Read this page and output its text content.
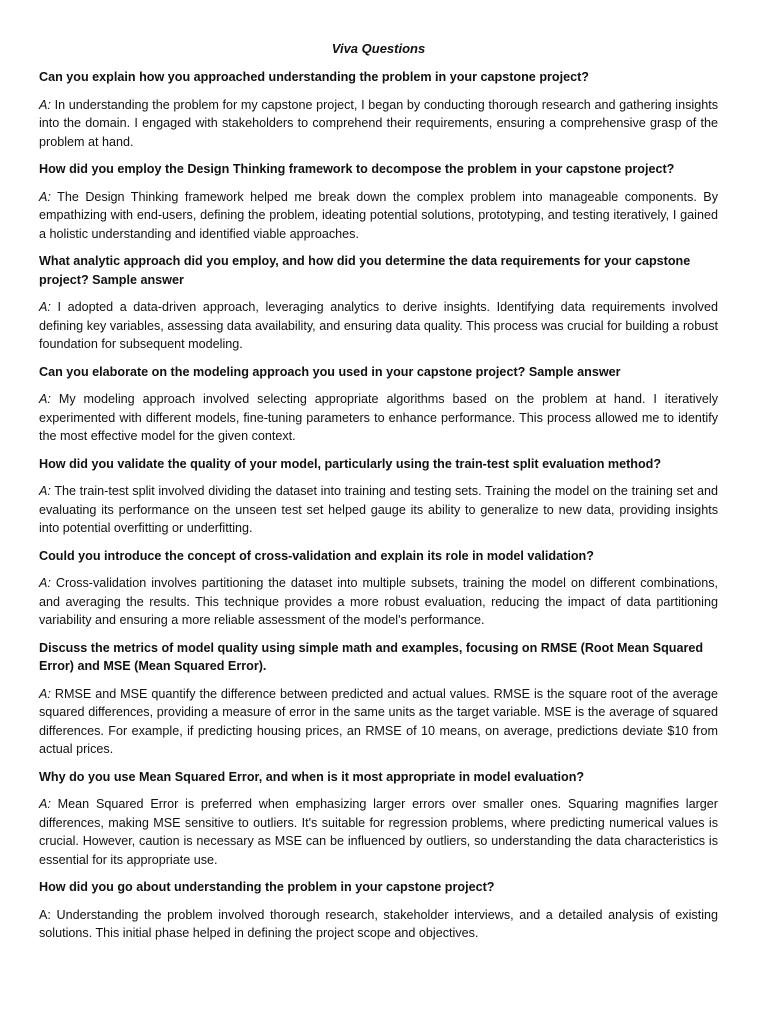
Viva Questions

Can you explain how you approached understanding the problem in your capstone project?

A: In understanding the problem for my capstone project, I began by conducting thorough research and gathering insights into the domain. I engaged with stakeholders to comprehend their requirements, ensuring a comprehensive grasp of the problem at hand.

How did you employ the Design Thinking framework to decompose the problem in your capstone project?

A: The Design Thinking framework helped me break down the complex problem into manageable components. By empathizing with end-users, defining the problem, ideating potential solutions, prototyping, and testing iteratively, I gained a holistic understanding and identified viable approaches.

What analytic approach did you employ, and how did you determine the data requirements for your capstone project? Sample answer

A: I adopted a data-driven approach, leveraging analytics to derive insights. Identifying data requirements involved defining key variables, assessing data availability, and ensuring data quality. This process was crucial for building a robust foundation for subsequent modeling.

Can you elaborate on the modeling approach you used in your capstone project? Sample answer

A: My modeling approach involved selecting appropriate algorithms based on the problem at hand. I iteratively experimented with different models, fine-tuning parameters to enhance performance. This process allowed me to identify the most effective model for the given context.

How did you validate the quality of your model, particularly using the train-test split evaluation method?

A: The train-test split involved dividing the dataset into training and testing sets. Training the model on the training set and evaluating its performance on the unseen test set helped gauge its ability to generalize to new data, providing insights into potential overfitting or underfitting.

Could you introduce the concept of cross-validation and explain its role in model validation?

A: Cross-validation involves partitioning the dataset into multiple subsets, training the model on different combinations, and averaging the results. This technique provides a more robust evaluation, reducing the impact of data partitioning variability and ensuring a more reliable assessment of the model's performance.

Discuss the metrics of model quality using simple math and examples, focusing on RMSE (Root Mean Squared Error) and MSE (Mean Squared Error).

A: RMSE and MSE quantify the difference between predicted and actual values. RMSE is the square root of the average squared differences, providing a measure of error in the same units as the target variable. MSE is the average of squared differences. For example, if predicting housing prices, an RMSE of 10 means, on average, predictions deviate $10 from actual prices.

Why do you use Mean Squared Error, and when is it most appropriate in model evaluation?

A: Mean Squared Error is preferred when emphasizing larger errors over smaller ones. Squaring magnifies larger differences, making MSE sensitive to outliers. It's suitable for regression problems, where predicting numerical values is crucial. However, caution is necessary as MSE can be influenced by outliers, so understanding the data characteristics is essential for its appropriate use.

How did you go about understanding the problem in your capstone project?

A: Understanding the problem involved thorough research, stakeholder interviews, and a detailed analysis of existing solutions. This initial phase helped in defining the project scope and objectives.
